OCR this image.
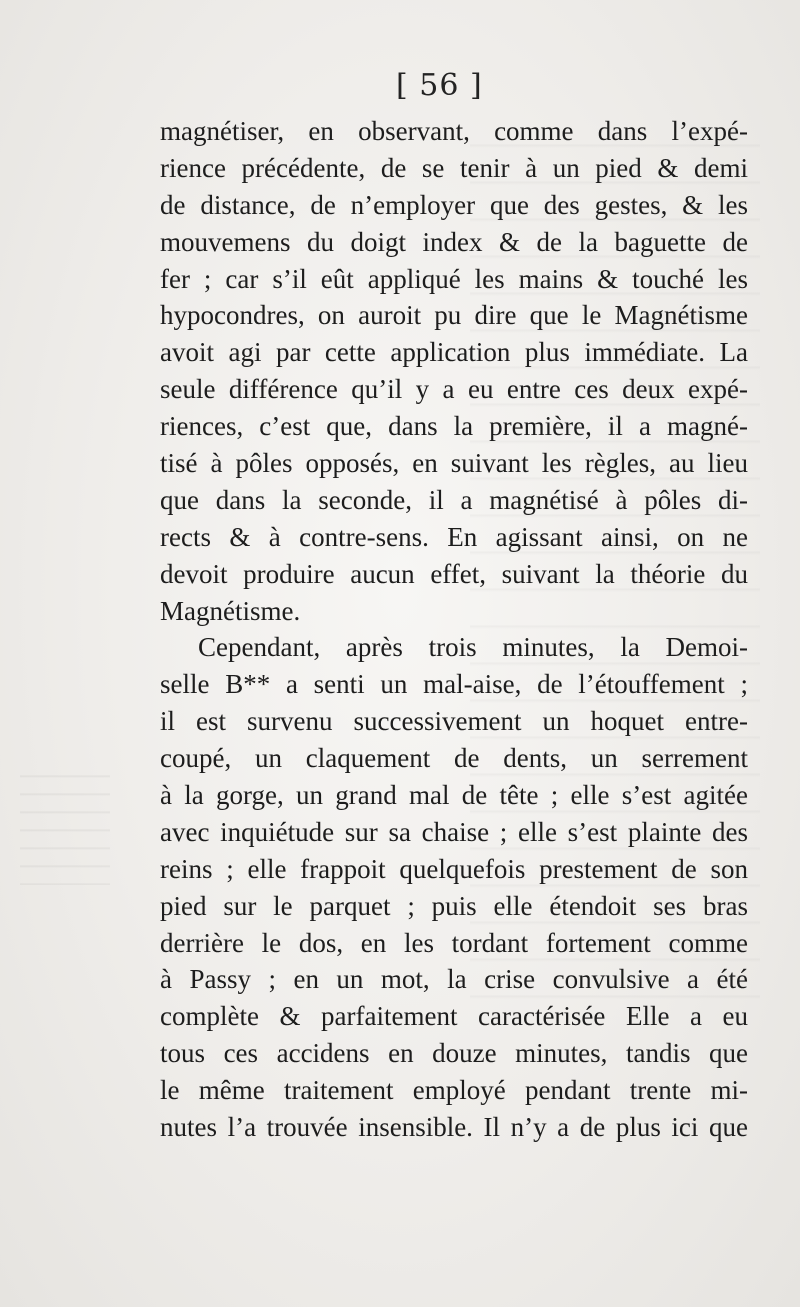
[ 56 ]
magnétiser, en observant, comme dans l’expé-
rience précédente, de se tenir à un pied & demi
de distance, de n’employer que des gestes, & les
mouvemens du doigt index & de la baguette de
fer ; car s’il eût appliqué les mains & touché les
hypocondres, on auroit pu dire que le Magnétisme
avoit agi par cette application plus immédiate. La
seule différence qu’il y a eu entre ces deux expé-
riences, c’est que, dans la première, il a magné-
tisé à pôles opposés, en suivant les règles, au lieu
que dans la seconde, il a magnétisé à pôles di-
rects & à contre-sens. En agissant ainsi, on ne
devoit produire aucun effet, suivant la théorie du
Magnétisme.
Cependant, après trois minutes, la Demoi-
selle B** a senti un mal-aise, de l’étouffement ;
il est survenu successivement un hoquet entre-
coupé, un claquement de dents, un serrement
à la gorge, un grand mal de tête ; elle s’est agitée
avec inquiétude sur sa chaise ; elle s’est plainte des
reins ; elle frappoit quelquefois prestement de son
pied sur le parquet ; puis elle étendoit ses bras
derrière le dos, en les tordant fortement comme
à Passy ; en un mot, la crise convulsive a été
complète & parfaitement caractérisée Elle a eu
tous ces accidens en douze minutes, tandis que
le même traitement employé pendant trente mi-
nutes l’a trouvée insensible. Il n’y a de plus ici que
